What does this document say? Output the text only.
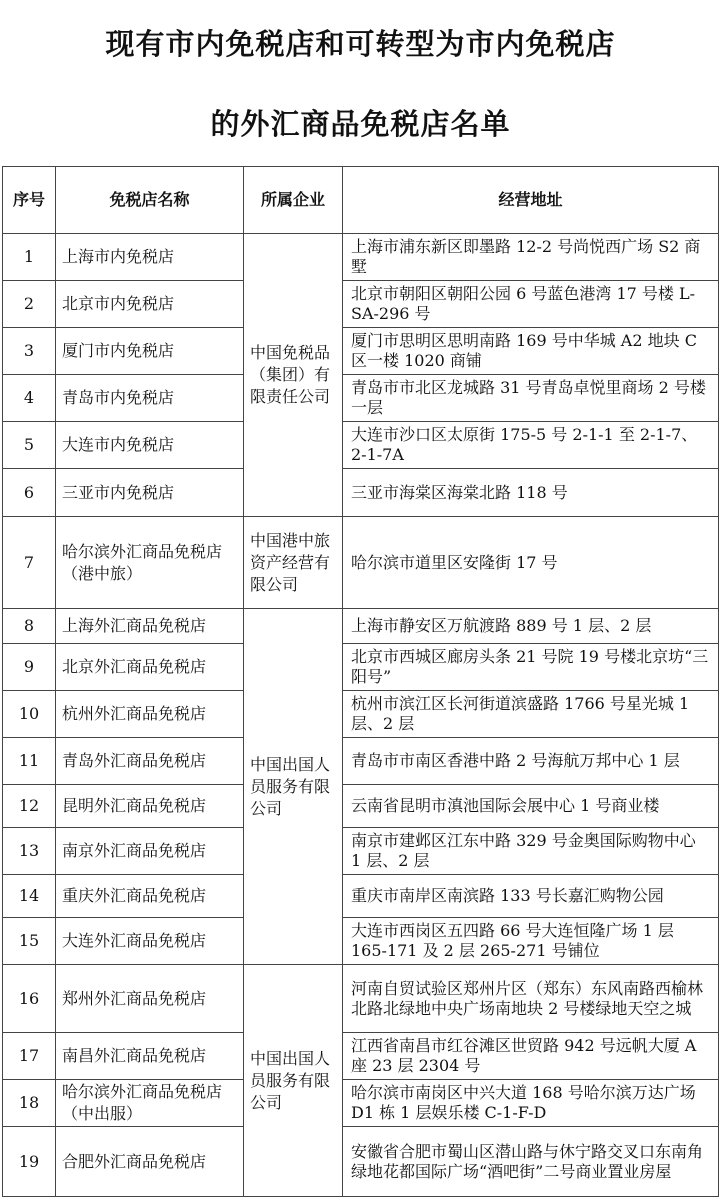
现有市内免税店和可转型为市内免税店
的外汇商品免税店名单
序号	免税店名称	所属企业	经营地址
1	上海市内免税店	中国免税品（集团）有限责任公司	上海市浦东新区即墨路 12-2 号尚悦西广场 S2 商墅
2	北京市内免税店		北京市朝阳区朝阳公园 6 号蓝色港湾 17 号楼 L-SA-296 号
3	厦门市内免税店		厦门市思明区思明南路 169 号中华城 A2 地块 C 区一楼 1020 商铺
4	青岛市内免税店		青岛市市北区龙城路 31 号青岛卓悦里商场 2 号楼一层
5	大连市内免税店		大连市沙口区太原街 175-5 号 2-1-1 至 2-1-7、2-1-7A
6	三亚市内免税店		三亚市海棠区海棠北路 118 号
7	哈尔滨外汇商品免税店（港中旅）	中国港中旅资产经营有限公司	哈尔滨市道里区安隆街 17 号
8	上海外汇商品免税店	中国出国人员服务有限公司	上海市静安区万航渡路 889 号 1 层、2 层
9	北京外汇商品免税店		北京市西城区廊房头条 21 号院 19 号楼北京坊“三阳号”
10	杭州外汇商品免税店		杭州市滨江区长河街道滨盛路 1766 号星光城 1 层、2 层
11	青岛外汇商品免税店		青岛市市南区香港中路 2 号海航万邦中心 1 层
12	昆明外汇商品免税店		云南省昆明市滇池国际会展中心 1 号商业楼
13	南京外汇商品免税店		南京市建邺区江东中路 329 号金奥国际购物中心 1 层、2 层
14	重庆外汇商品免税店		重庆市南岸区南滨路 133 号长嘉汇购物公园
15	大连外汇商品免税店		大连市西岗区五四路 66 号大连恒隆广场 1 层 165-171 及 2 层 265-271 号铺位
16	郑州外汇商品免税店	中国出国人员服务有限公司	河南自贸试验区郑州片区（郑东）东风南路西榆林北路北绿地中央广场南地块 2 号楼绿地天空之城
17	南昌外汇商品免税店		江西省南昌市红谷滩区世贸路 942 号远帆大厦 A 座 23 层 2304 号
18	哈尔滨外汇商品免税店（中出服）		哈尔滨市南岗区中兴大道 168 号哈尔滨万达广场 D1 栋 1 层娱乐楼 C-1-F-D
19	合肥外汇商品免税店		安徽省合肥市蜀山区潜山路与休宁路交叉口东南角绿地花都国际广场“酒吧街”二号商业置业房屋
